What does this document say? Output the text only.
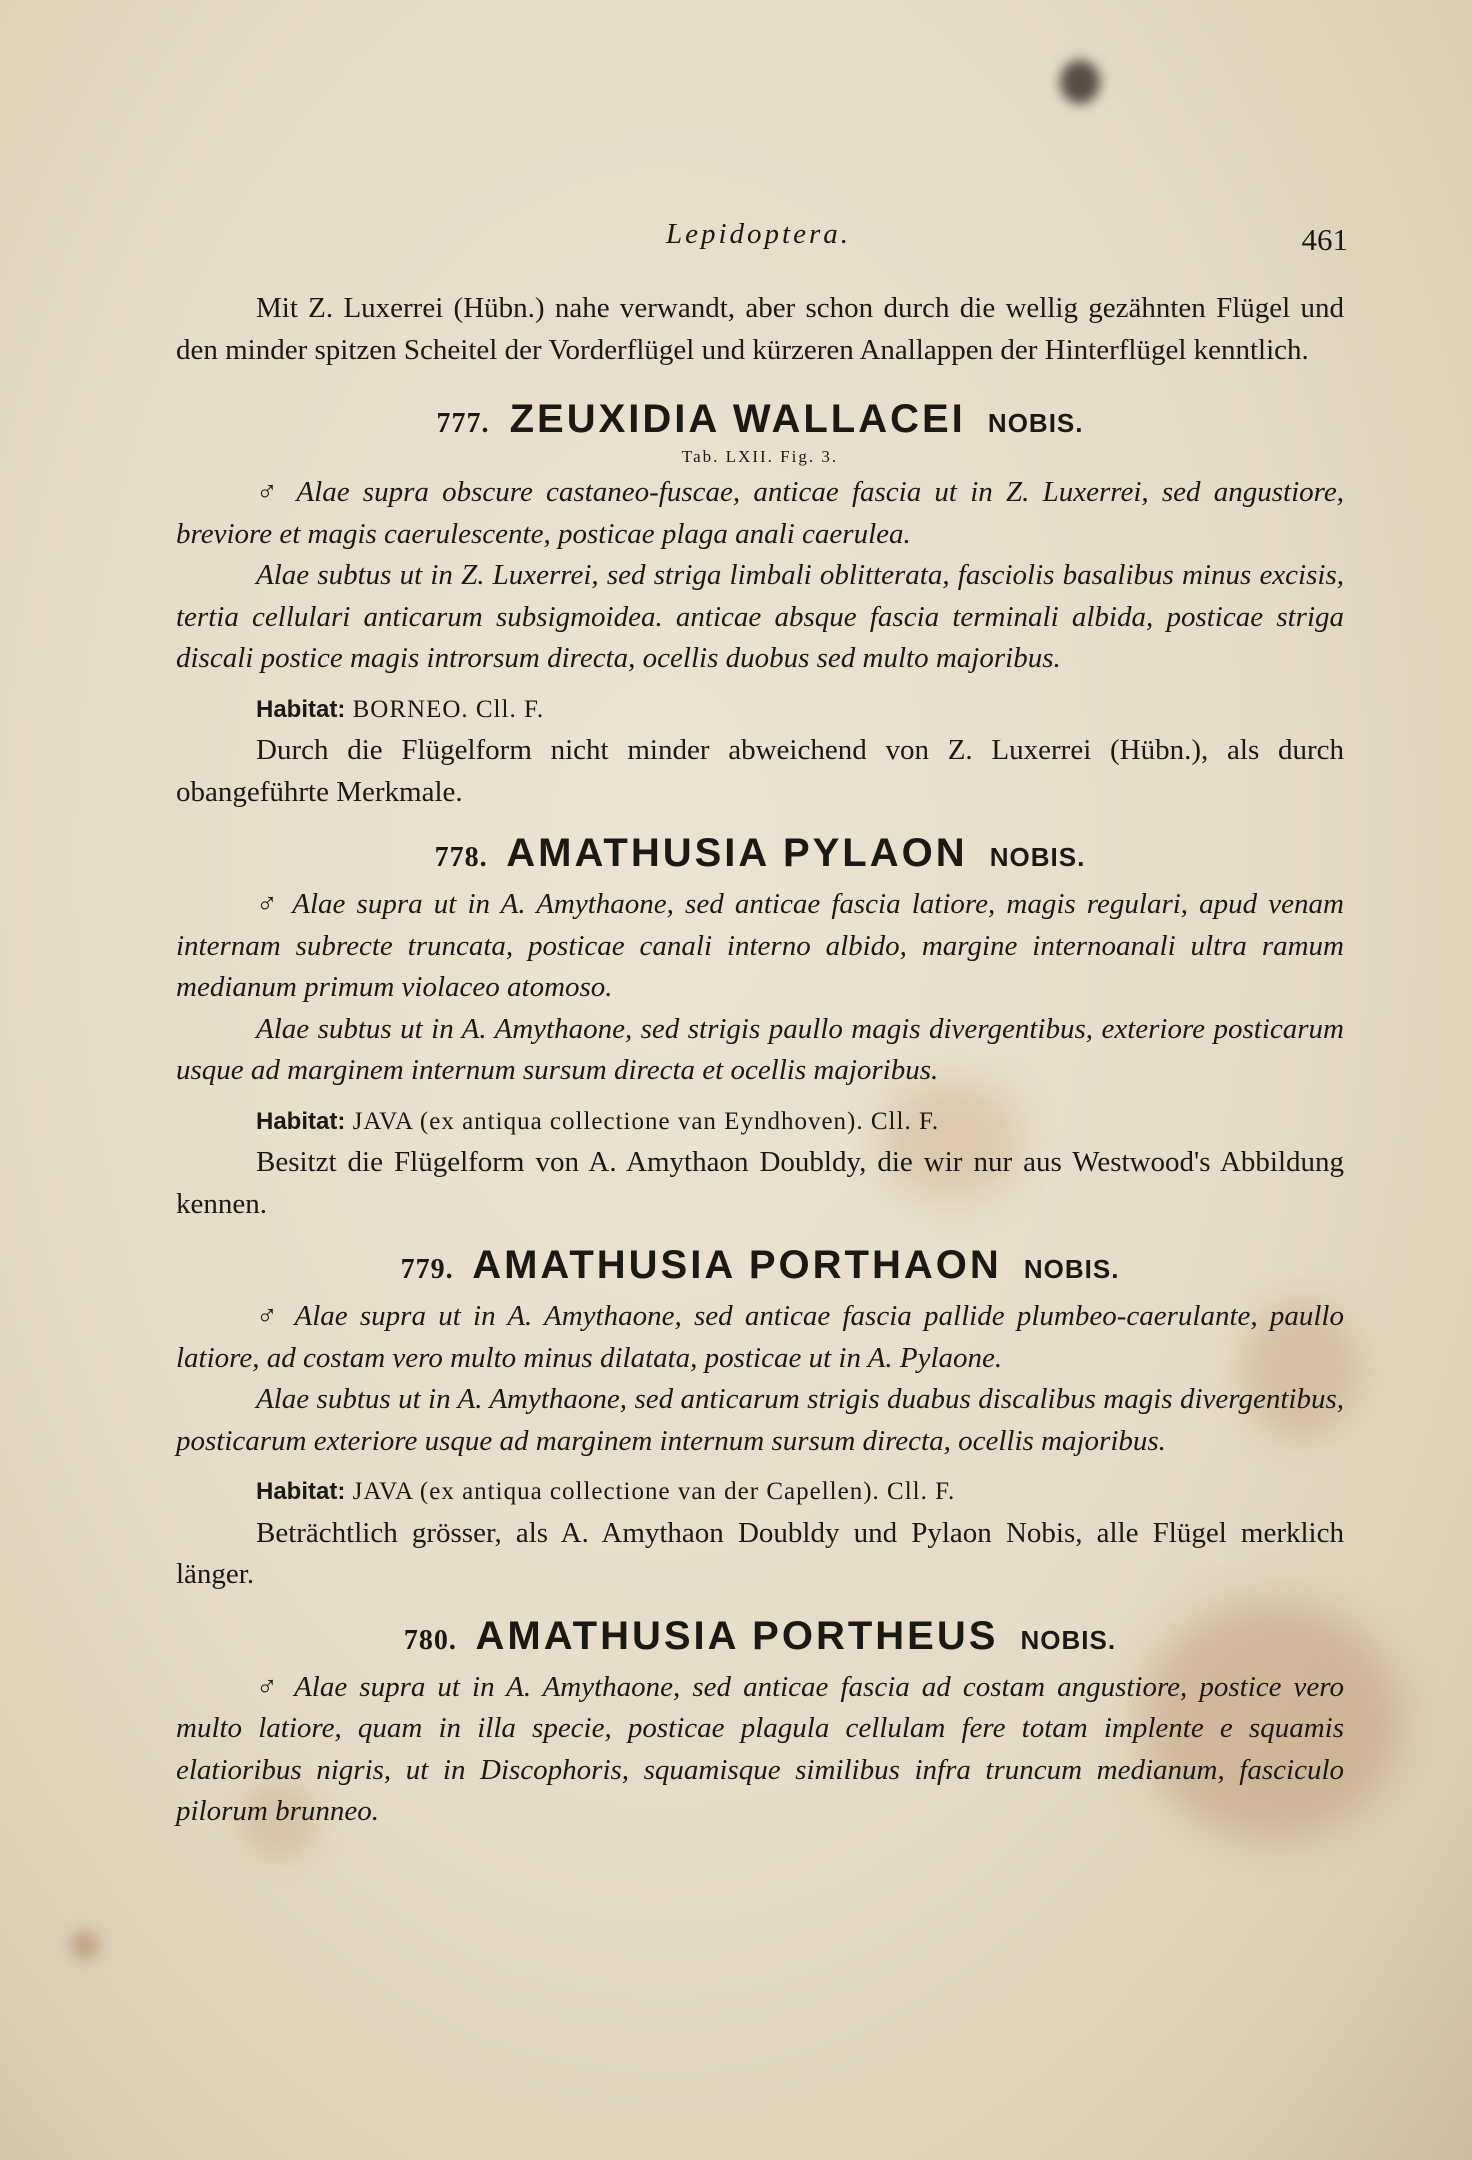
Lepidoptera.	461

Mit Z. Luxerrei (Hübn.) nahe verwandt, aber schon durch die wellig gezähnten Flügel und den minder spitzen Scheitel der Vorderflügel und kürzeren Anallappen der Hinterflügel kenntlich.

777. ZEUXIDIA WALLACEI NOBIS.
Tab. LXII. Fig. 3.

♂ Alae supra obscure castaneo-fuscae, anticae fascia ut in Z. Luxerrei, sed angustiore, breviore et magis caerulescente, posticae plaga anali caerulea.

Alae subtus ut in Z. Luxerrei, sed striga limbali oblitterata, fasciolis basalibus minus excisis, tertia cellulari anticarum subsigmoidea. anticae absque fascia terminali albida, posticae striga discali postice magis introrsum directa, ocellis duobus sed multo majoribus.

Habitat: BORNEO. Cll. F.

Durch die Flügelform nicht minder abweichend von Z. Luxerrei (Hübn.), als durch obangeführte Merkmale.

778. AMATHUSIA PYLAON NOBIS.

♂ Alae supra ut in A. Amythaone, sed anticae fascia latiore, magis regulari, apud venam internam subrecte truncata, posticae canali interno albido, margine internoanali ultra ramum medianum primum violaceo atomoso.

Alae subtus ut in A. Amythaone, sed strigis paullo magis divergentibus, exteriore posticarum usque ad marginem internum sursum directa et ocellis majoribus.

Habitat: JAVA (ex antiqua collectione van Eyndhoven). Cll. F.

Besitzt die Flügelform von A. Amythaon Doubldy, die wir nur aus Westwood's Abbildung kennen.

779. AMATHUSIA PORTHAON NOBIS.

♂ Alae supra ut in A. Amythaone, sed anticae fascia pallide plumbeo-caerulante, paullo latiore, ad costam vero multo minus dilatata, posticae ut in A. Pylaone.

Alae subtus ut in A. Amythaone, sed anticarum strigis duabus discalibus magis divergentibus, posticarum exteriore usque ad marginem internum sursum directa, ocellis majoribus.

Habitat: JAVA (ex antiqua collectione van der Capellen). Cll. F.

Beträchtlich grösser, als A. Amythaon Doubldy und Pylaon Nobis, alle Flügel merklich länger.

780. AMATHUSIA PORTHEUS NOBIS.

♂ Alae supra ut in A. Amythaone, sed anticae fascia ad costam angustiore, postice vero multo latiore, quam in illa specie, posticae plagula cellulam fere totam implente e squamis elatioribus nigris, ut in Discophoris, squamisque similibus infra truncum medianum, fasciculo pilorum brunneo.
